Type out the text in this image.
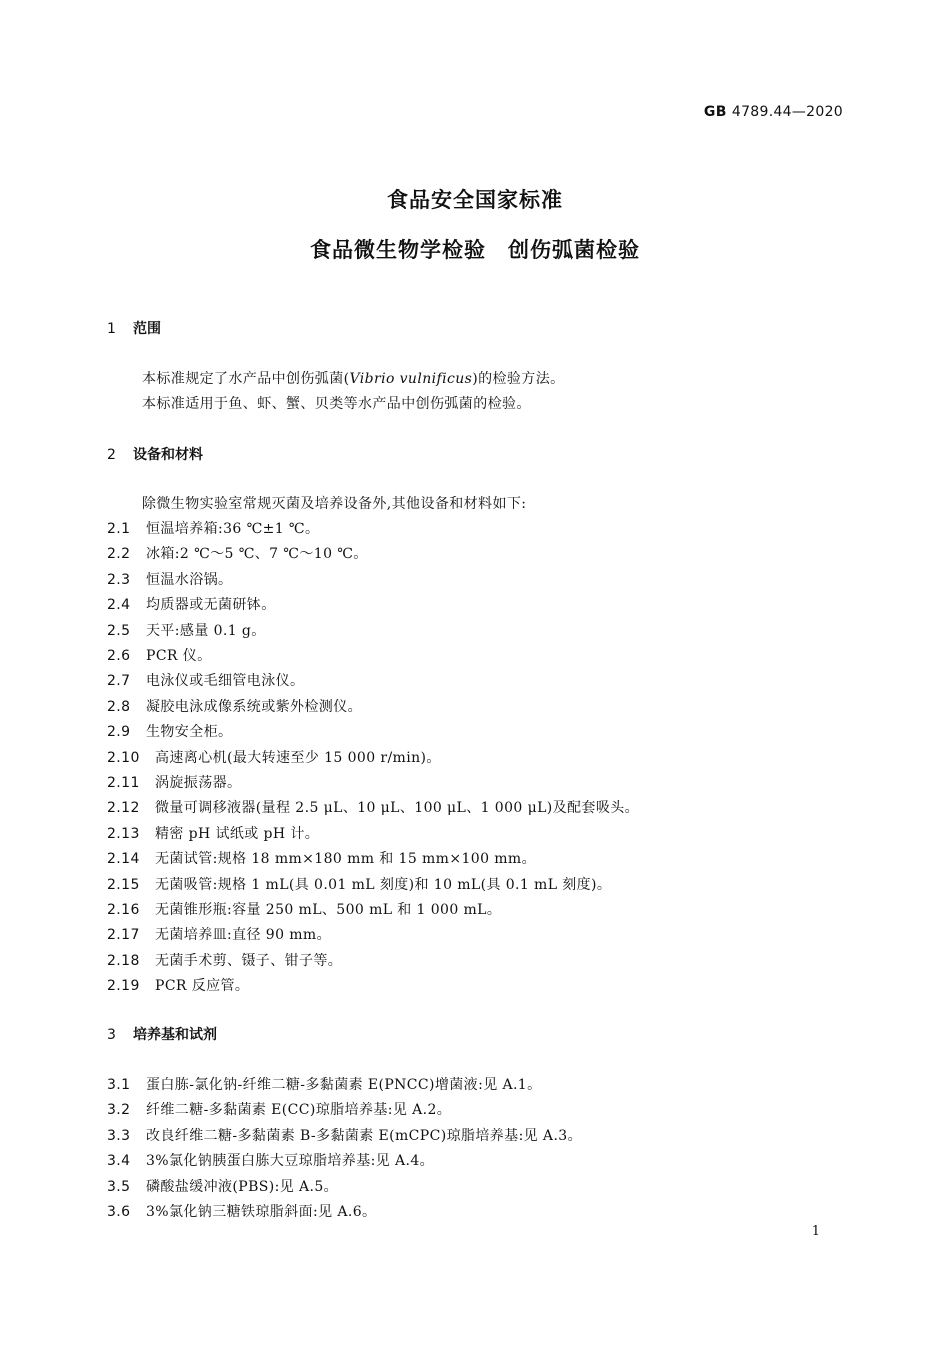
GB 4789.44—2020
食品安全国家标准
食品微生物学检验　创伤弧菌检验
1 范围
本标准规定了水产品中创伤弧菌(Vibrio vulnificus)的检验方法。
本标准适用于鱼、虾、蟹、贝类等水产品中创伤弧菌的检验。
2 设备和材料
除微生物实验室常规灭菌及培养设备外,其他设备和材料如下:
2.1 恒温培养箱:36 ℃±1 ℃。
2.2 冰箱:2 ℃～5 ℃、7 ℃～10 ℃。
2.3 恒温水浴锅。
2.4 均质器或无菌研钵。
2.5 天平:感量 0.1 g。
2.6 PCR 仪。
2.7 电泳仪或毛细管电泳仪。
2.8 凝胶电泳成像系统或紫外检测仪。
2.9 生物安全柜。
2.10 高速离心机(最大转速至少 15 000 r/min)。
2.11 涡旋振荡器。
2.12 微量可调移液器(量程 2.5 μL、10 μL、100 μL、1 000 μL)及配套吸头。
2.13 精密 pH 试纸或 pH 计。
2.14 无菌试管:规格 18 mm×180 mm 和 15 mm×100 mm。
2.15 无菌吸管:规格 1 mL(具 0.01 mL 刻度)和 10 mL(具 0.1 mL 刻度)。
2.16 无菌锥形瓶:容量 250 mL、500 mL 和 1 000 mL。
2.17 无菌培养皿:直径 90 mm。
2.18 无菌手术剪、镊子、钳子等。
2.19 PCR 反应管。
3 培养基和试剂
3.1 蛋白胨-氯化钠-纤维二糖-多黏菌素 E(PNCC)增菌液:见 A.1。
3.2 纤维二糖-多黏菌素 E(CC)琼脂培养基:见 A.2。
3.3 改良纤维二糖-多黏菌素 B-多黏菌素 E(mCPC)琼脂培养基:见 A.3。
3.4 3%氯化钠胰蛋白胨大豆琼脂培养基:见 A.4。
3.5 磷酸盐缓冲液(PBS):见 A.5。
3.6 3%氯化钠三糖铁琼脂斜面:见 A.6。
1
